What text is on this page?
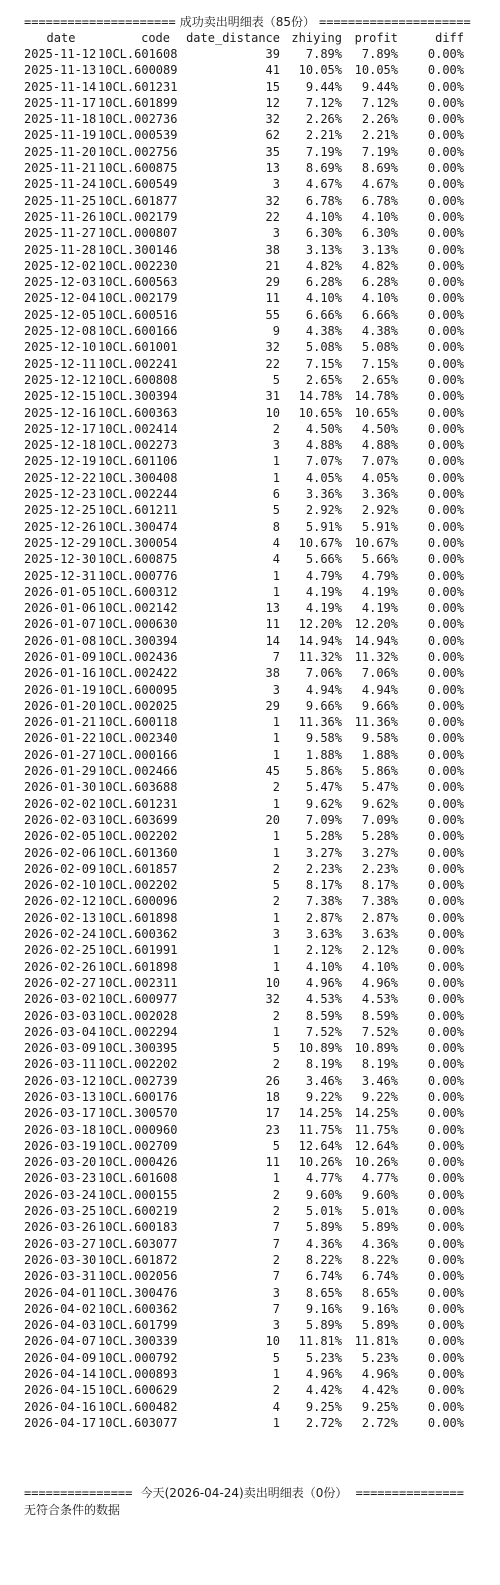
===================== 成功卖出明细表（85份） =====================
date	code	date_distance zhiying	profit	diff
2025-11-12 10CL.601608	39	7.89%	7.89%	0.00%
2025-11-13 10CL.600089	41	10.05%	10.05%	0.00%
2025-11-14 10CL.601231	15	9.44%	9.44%	0.00%
2025-11-17 10CL.601899	12	7.12%	7.12%	0.00%
2025-11-18 10CL.002736	32	2.26%	2.26%	0.00%
2025-11-19 10CL.000539	62	2.21%	2.21%	0.00%
2025-11-20 10CL.002756	35	7.19%	7.19%	0.00%
2025-11-21 10CL.600875	13	8.69%	8.69%	0.00%
2025-11-24 10CL.600549	3	4.67%	4.67%	0.00%
2025-11-25 10CL.601877	32	6.78%	6.78%	0.00%
2025-11-26 10CL.002179	22	4.10%	4.10%	0.00%
2025-11-27 10CL.000807	3	6.30%	6.30%	0.00%
2025-11-28 10CL.300146	38	3.13%	3.13%	0.00%
2025-12-02 10CL.002230	21	4.82%	4.82%	0.00%
2025-12-03 10CL.600563	29	6.28%	6.28%	0.00%
2025-12-04 10CL.002179	11	4.10%	4.10%	0.00%
2025-12-05 10CL.600516	55	6.66%	6.66%	0.00%
2025-12-08 10CL.600166	9	4.38%	4.38%	0.00%
2025-12-10 10CL.601001	32	5.08%	5.08%	0.00%
2025-12-11 10CL.002241	22	7.15%	7.15%	0.00%
2025-12-12 10CL.600808	5	2.65%	2.65%	0.00%
2025-12-15 10CL.300394	31	14.78%	14.78%	0.00%
2025-12-16 10CL.600363	10	10.65%	10.65%	0.00%
2025-12-17 10CL.002414	2	4.50%	4.50%	0.00%
2025-12-18 10CL.002273	3	4.88%	4.88%	0.00%
2025-12-19 10CL.601106	1	7.07%	7.07%	0.00%
2025-12-22 10CL.300408	1	4.05%	4.05%	0.00%
2025-12-23 10CL.002244	6	3.36%	3.36%	0.00%
2025-12-25 10CL.601211	5	2.92%	2.92%	0.00%
2025-12-26 10CL.300474	8	5.91%	5.91%	0.00%
2025-12-29 10CL.300054	4	10.67%	10.67%	0.00%
2025-12-30 10CL.600875	4	5.66%	5.66%	0.00%
2025-12-31 10CL.000776	1	4.79%	4.79%	0.00%
2026-01-05 10CL.600312	1	4.19%	4.19%	0.00%
2026-01-06 10CL.002142	13	4.19%	4.19%	0.00%
2026-01-07 10CL.000630	11	12.20%	12.20%	0.00%
2026-01-08 10CL.300394	14	14.94%	14.94%	0.00%
2026-01-09 10CL.002436	7	11.32%	11.32%	0.00%
2026-01-16 10CL.002422	38	7.06%	7.06%	0.00%
2026-01-19 10CL.600095	3	4.94%	4.94%	0.00%
2026-01-20 10CL.002025	29	9.66%	9.66%	0.00%
2026-01-21 10CL.600118	1	11.36%	11.36%	0.00%
2026-01-22 10CL.002340	1	9.58%	9.58%	0.00%
2026-01-27 10CL.000166	1	1.88%	1.88%	0.00%
2026-01-29 10CL.002466	45	5.86%	5.86%	0.00%
2026-01-30 10CL.603688	2	5.47%	5.47%	0.00%
2026-02-02 10CL.601231	1	9.62%	9.62%	0.00%
2026-02-03 10CL.603699	20	7.09%	7.09%	0.00%
2026-02-05 10CL.002202	1	5.28%	5.28%	0.00%
2026-02-06 10CL.601360	1	3.27%	3.27%	0.00%
2026-02-09 10CL.601857	2	2.23%	2.23%	0.00%
2026-02-10 10CL.002202	5	8.17%	8.17%	0.00%
2026-02-12 10CL.600096	2	7.38%	7.38%	0.00%
2026-02-13 10CL.601898	1	2.87%	2.87%	0.00%
2026-02-24 10CL.600362	3	3.63%	3.63%	0.00%
2026-02-25 10CL.601991	1	2.12%	2.12%	0.00%
2026-02-26 10CL.601898	1	4.10%	4.10%	0.00%
2026-02-27 10CL.002311	10	4.96%	4.96%	0.00%
2026-03-02 10CL.600977	32	4.53%	4.53%	0.00%
2026-03-03 10CL.002028	2	8.59%	8.59%	0.00%
2026-03-04 10CL.002294	1	7.52%	7.52%	0.00%
2026-03-09 10CL.300395	5	10.89%	10.89%	0.00%
2026-03-11 10CL.002202	2	8.19%	8.19%	0.00%
2026-03-12 10CL.002739	26	3.46%	3.46%	0.00%
2026-03-13 10CL.600176	18	9.22%	9.22%	0.00%
2026-03-17 10CL.300570	17	14.25%	14.25%	0.00%
2026-03-18 10CL.000960	23	11.75%	11.75%	0.00%
2026-03-19 10CL.002709	5	12.64%	12.64%	0.00%
2026-03-20 10CL.000426	11	10.26%	10.26%	0.00%
2026-03-23 10CL.601608	1	4.77%	4.77%	0.00%
2026-03-24 10CL.000155	2	9.60%	9.60%	0.00%
2026-03-25 10CL.600219	2	5.01%	5.01%	0.00%
2026-03-26 10CL.600183	7	5.89%	5.89%	0.00%
2026-03-27 10CL.603077	7	4.36%	4.36%	0.00%
2026-03-30 10CL.601872	2	8.22%	8.22%	0.00%
2026-03-31 10CL.002056	7	6.74%	6.74%	0.00%
2026-04-01 10CL.300476	3	8.65%	8.65%	0.00%
2026-04-02 10CL.600362	7	9.16%	9.16%	0.00%
2026-04-03 10CL.601799	3	5.89%	5.89%	0.00%
2026-04-07 10CL.300339	10	11.81%	11.81%	0.00%
2026-04-09 10CL.000792	5	5.23%	5.23%	0.00%
2026-04-14 10CL.000893	1	4.96%	4.96%	0.00%
2026-04-15 10CL.600629	2	4.42%	4.42%	0.00%
2026-04-16 10CL.600482	4	9.25%	9.25%	0.00%
2026-04-17 10CL.603077	1	2.72%	2.72%	0.00%
=============== 今天(2026-04-24)卖出明细表（0份） ===============
无符合条件的数据
